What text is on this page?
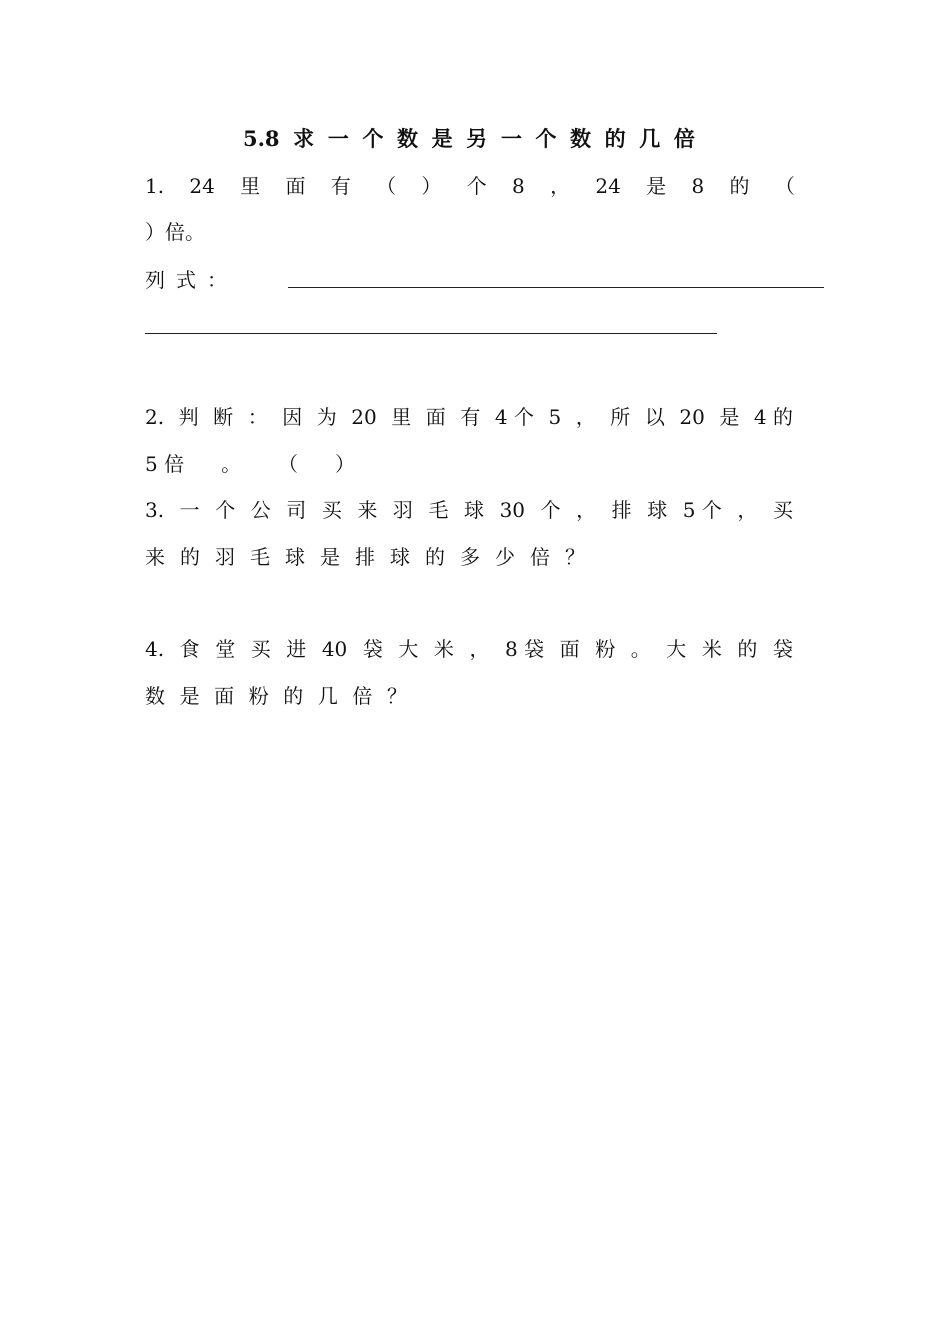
5.8 求 一 个 数 是 另 一 个 数 的 几 倍
1. 24 里 面 有 （ ） 个 8 ， 24 是 8 的 （
） 倍 。
列 式 ：
2. 判 断 ： 因 为 20 里 面 有 4 个 5 ， 所 以 20 是 4 的
5 倍 。 （ ）
3. 一 个 公 司 买 来 羽 毛 球 30 个 ， 排 球 5 个 ， 买
来 的 羽 毛 球 是 排 球 的 多 少 倍 ？
4. 食 堂 买 进 40 袋 大 米 ， 8 袋 面 粉 。 大 米 的 袋
数 是 面 粉 的 几 倍 ？
